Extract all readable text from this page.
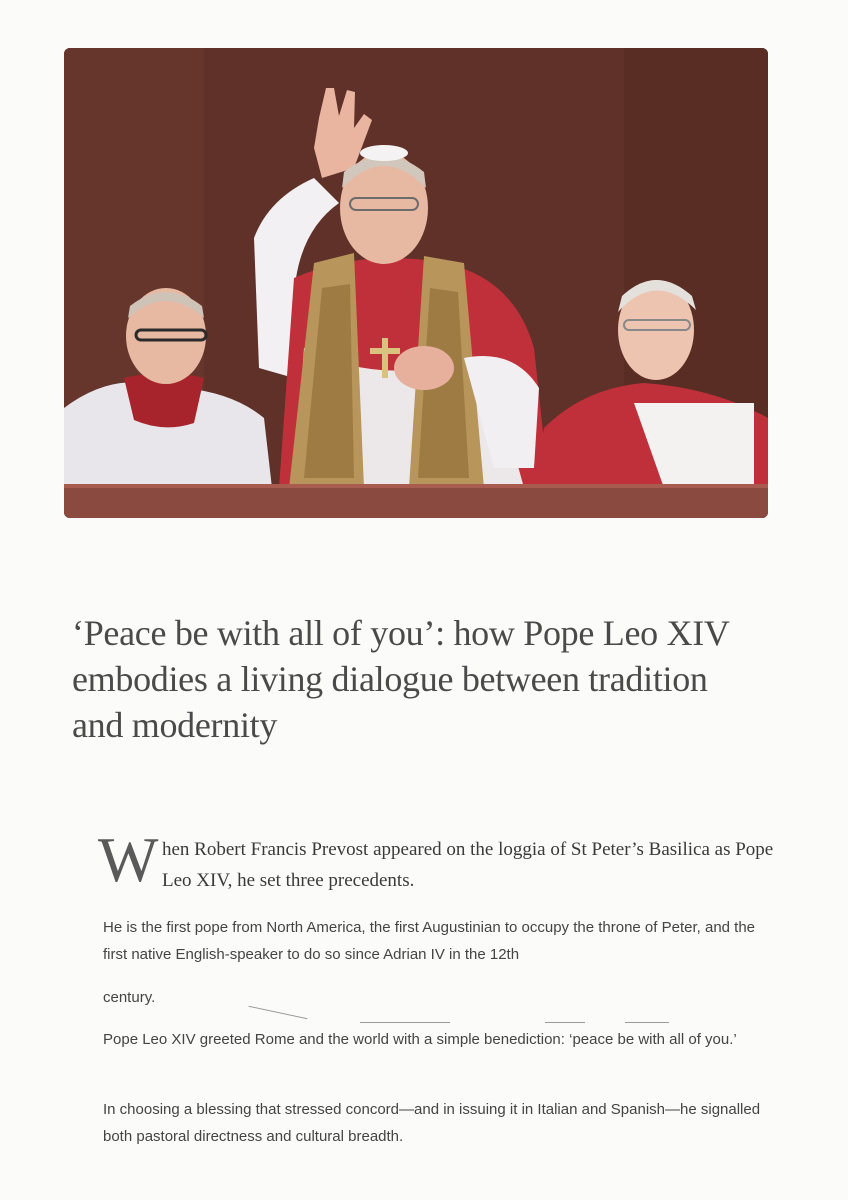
‘Peace be with all of you’: how Pope Leo XIV embodies a living dialogue between tradition and modernity
W hen Robert Francis Prevost appeared on the loggia of St Peter’s Basilica as Pope Leo XIV, he set three precedents.

He is the first pope from North America, the first Augustinian to occupy the throne of Peter, and the first native English-speaker to do so since Adrian IV in the 12th

century.

Pope Leo XIV greeted Rome and the world with a simple benediction: ‘peace be with all of you.’

In choosing a blessing that stressed concord—and in issuing it in Italian and Spanish—he signalled both pastoral directness and cultural breadth.
